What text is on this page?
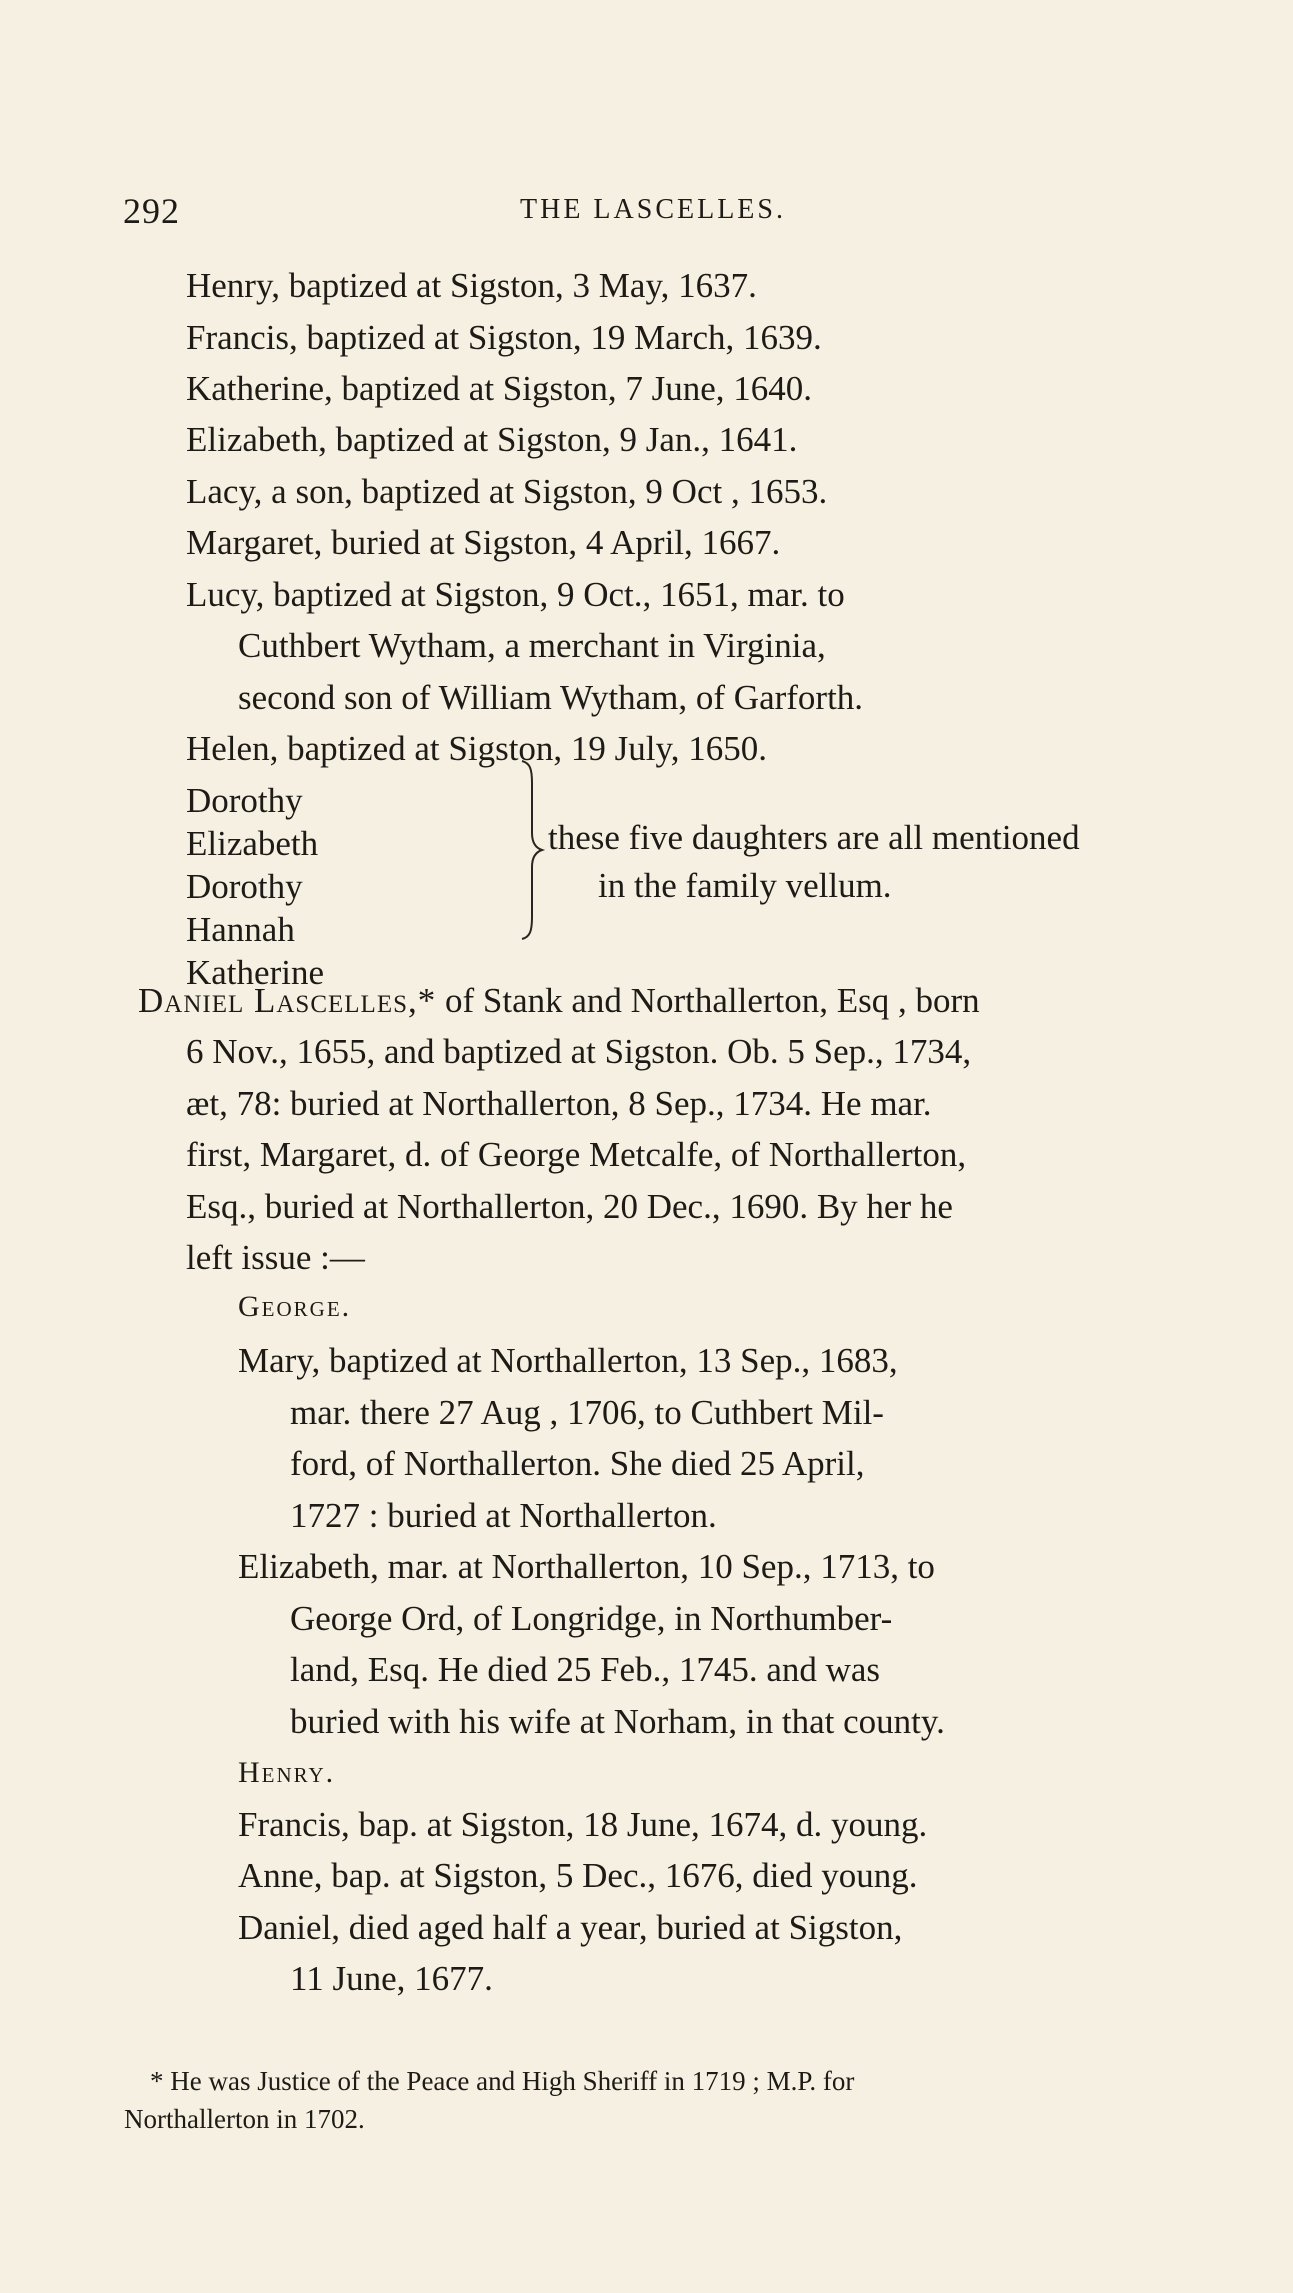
292	THE LASCELLES.
Henry, baptized at Sigston, 3 May, 1637.
Francis, baptized at Sigston, 19 March, 1639.
Katherine, baptized at Sigston, 7 June, 1640.
Elizabeth, baptized at Sigston, 9 Jan., 1641.
Lacy, a son, baptized at Sigston, 9 Oct , 1653.
Margaret, buried at Sigston, 4 April, 1667.
Lucy, baptized at Sigston, 9 Oct., 1651, mar. to
Cuthbert Wytham, a merchant in Virginia,
second son of William Wytham, of Garforth.
Helen, baptized at Sigston, 19 July, 1650.
Dorothy
Elizabeth
Dorothy
Hannah
Katherine
these five daughters are all mentioned
in the family vellum.
Daniel Lascelles,* of Stank and Northallerton, Esq , born
6 Nov., 1655, and baptized at Sigston. Ob. 5 Sep., 1734,
æt, 78: buried at Northallerton, 8 Sep., 1734. He mar.
first, Margaret, d. of George Metcalfe, of Northallerton,
Esq., buried at Northallerton, 20 Dec., 1690. By her he
left issue :—
George.
Mary, baptized at Northallerton, 13 Sep., 1683,
mar. there 27 Aug , 1706, to Cuthbert Mil-
ford, of Northallerton. She died 25 April,
1727 : buried at Northallerton.
Elizabeth, mar. at Northallerton, 10 Sep., 1713, to
George Ord, of Longridge, in Northumber-
land, Esq. He died 25 Feb., 1745. and was
buried with his wife at Norham, in that county.
Henry.
Francis, bap. at Sigston, 18 June, 1674, d. young.
Anne, bap. at Sigston, 5 Dec., 1676, died young.
Daniel, died aged half a year, buried at Sigston,
11 June, 1677.
* He was Justice of the Peace and High Sheriff in 1719 ; M.P. for
Northallerton in 1702.
